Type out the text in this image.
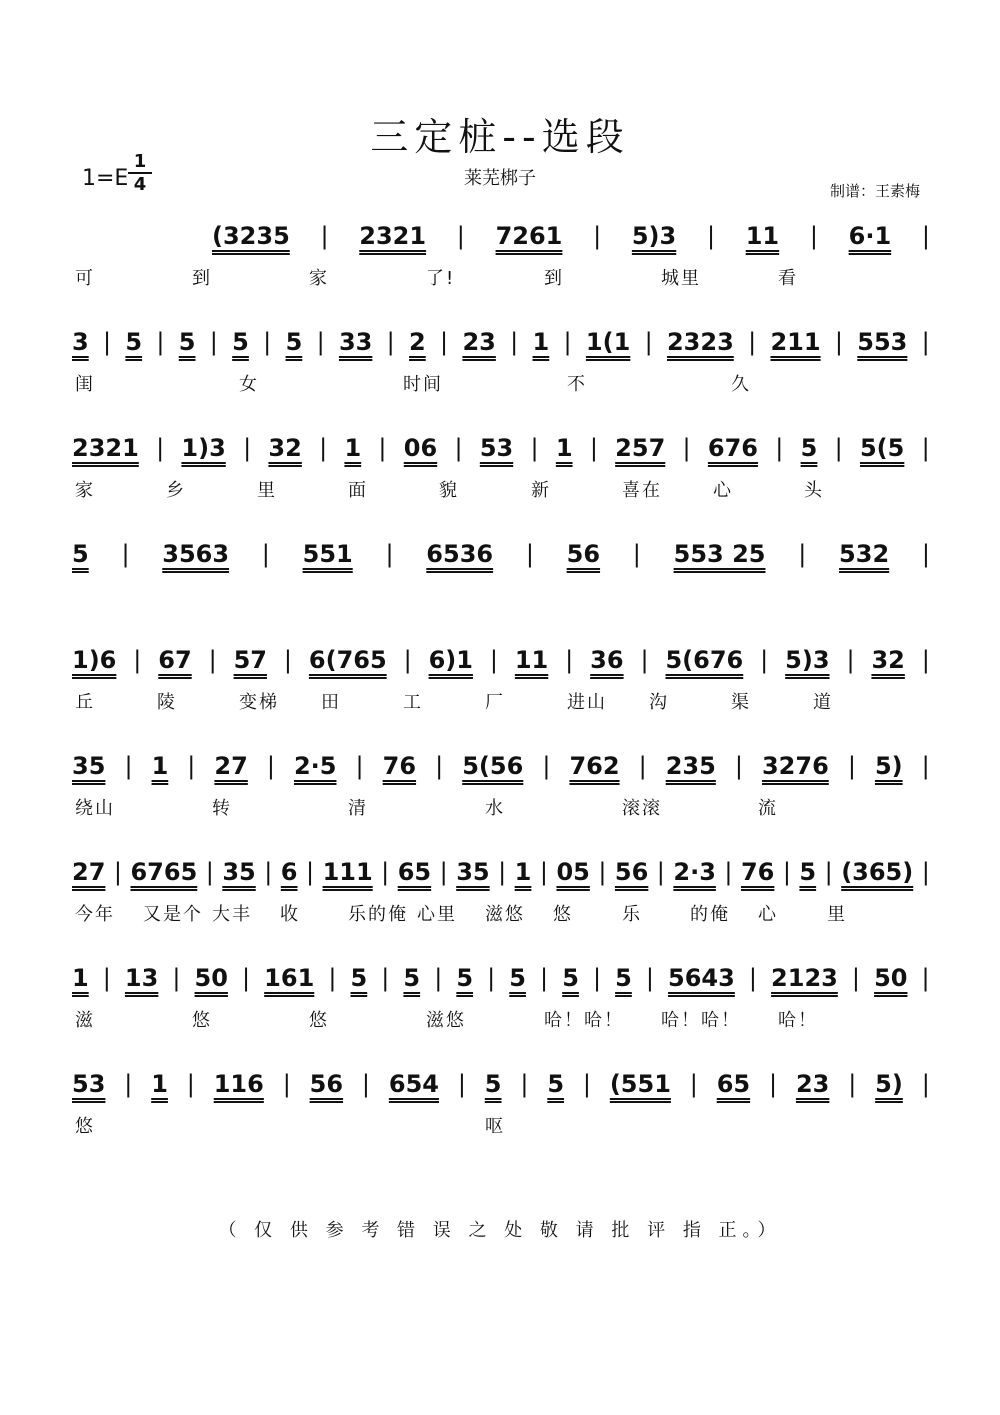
三定桩--选段
1=E
1
4	莱芜梆子
制谱：王素梅
(3235 | 2321 | 7261 | 5)3 | 11 | 6·1 |
可	到	家	了!	到	城里	看
3 | 5 | 5 | 5 | 5 | 33 | 2 | 23 | 1 | 1(1 | 2323 | 211 | 553 |
闺	女	时间	不	久
2321 | 1)3 | 32 | 1 | 06 | 53 | 1 | 257 | 676 | 5 | 5(5 |
家	乡	里	面	貌	新	喜在	心	头
5 | 3563 | 551 | 6536 | 56 | 553 25 | 532 |
1)6 | 67 | 57 | 6(765 | 6)1 | 11 | 36 | 5(676 | 5)3 | 32 |
丘	陵	变梯 田	工	厂	进山 沟	渠	道
35 | 1 | 27 | 2·5 | 76 | 5(56 | 762 | 235 | 3276 | 5) |
绕山	转	清	水	滚滚	流
27 | 6765 | 35 | 6 | 111 | 65 | 35 | 1 | 05 | 56 | 2·3 | 76 | 5 | (365) |
今年 又是个 大丰 收	乐的俺 心里 滋悠 悠	乐	的俺 心	里
1 | 13 | 50 | 161 | 5 | 5 | 5 | 5 | 5 | 5 | 5643 | 2123 | 50 |
滋	悠	悠	滋悠	哈！哈！ 哈！哈！ 哈！
53 | 1 | 116 | 56 | 654 | 5 | 5 | (551 | 65 | 23 | 5) |
悠	呕
（ 仅 供 参 考 错 误 之 处 敬 请 批 评 指 正。）
